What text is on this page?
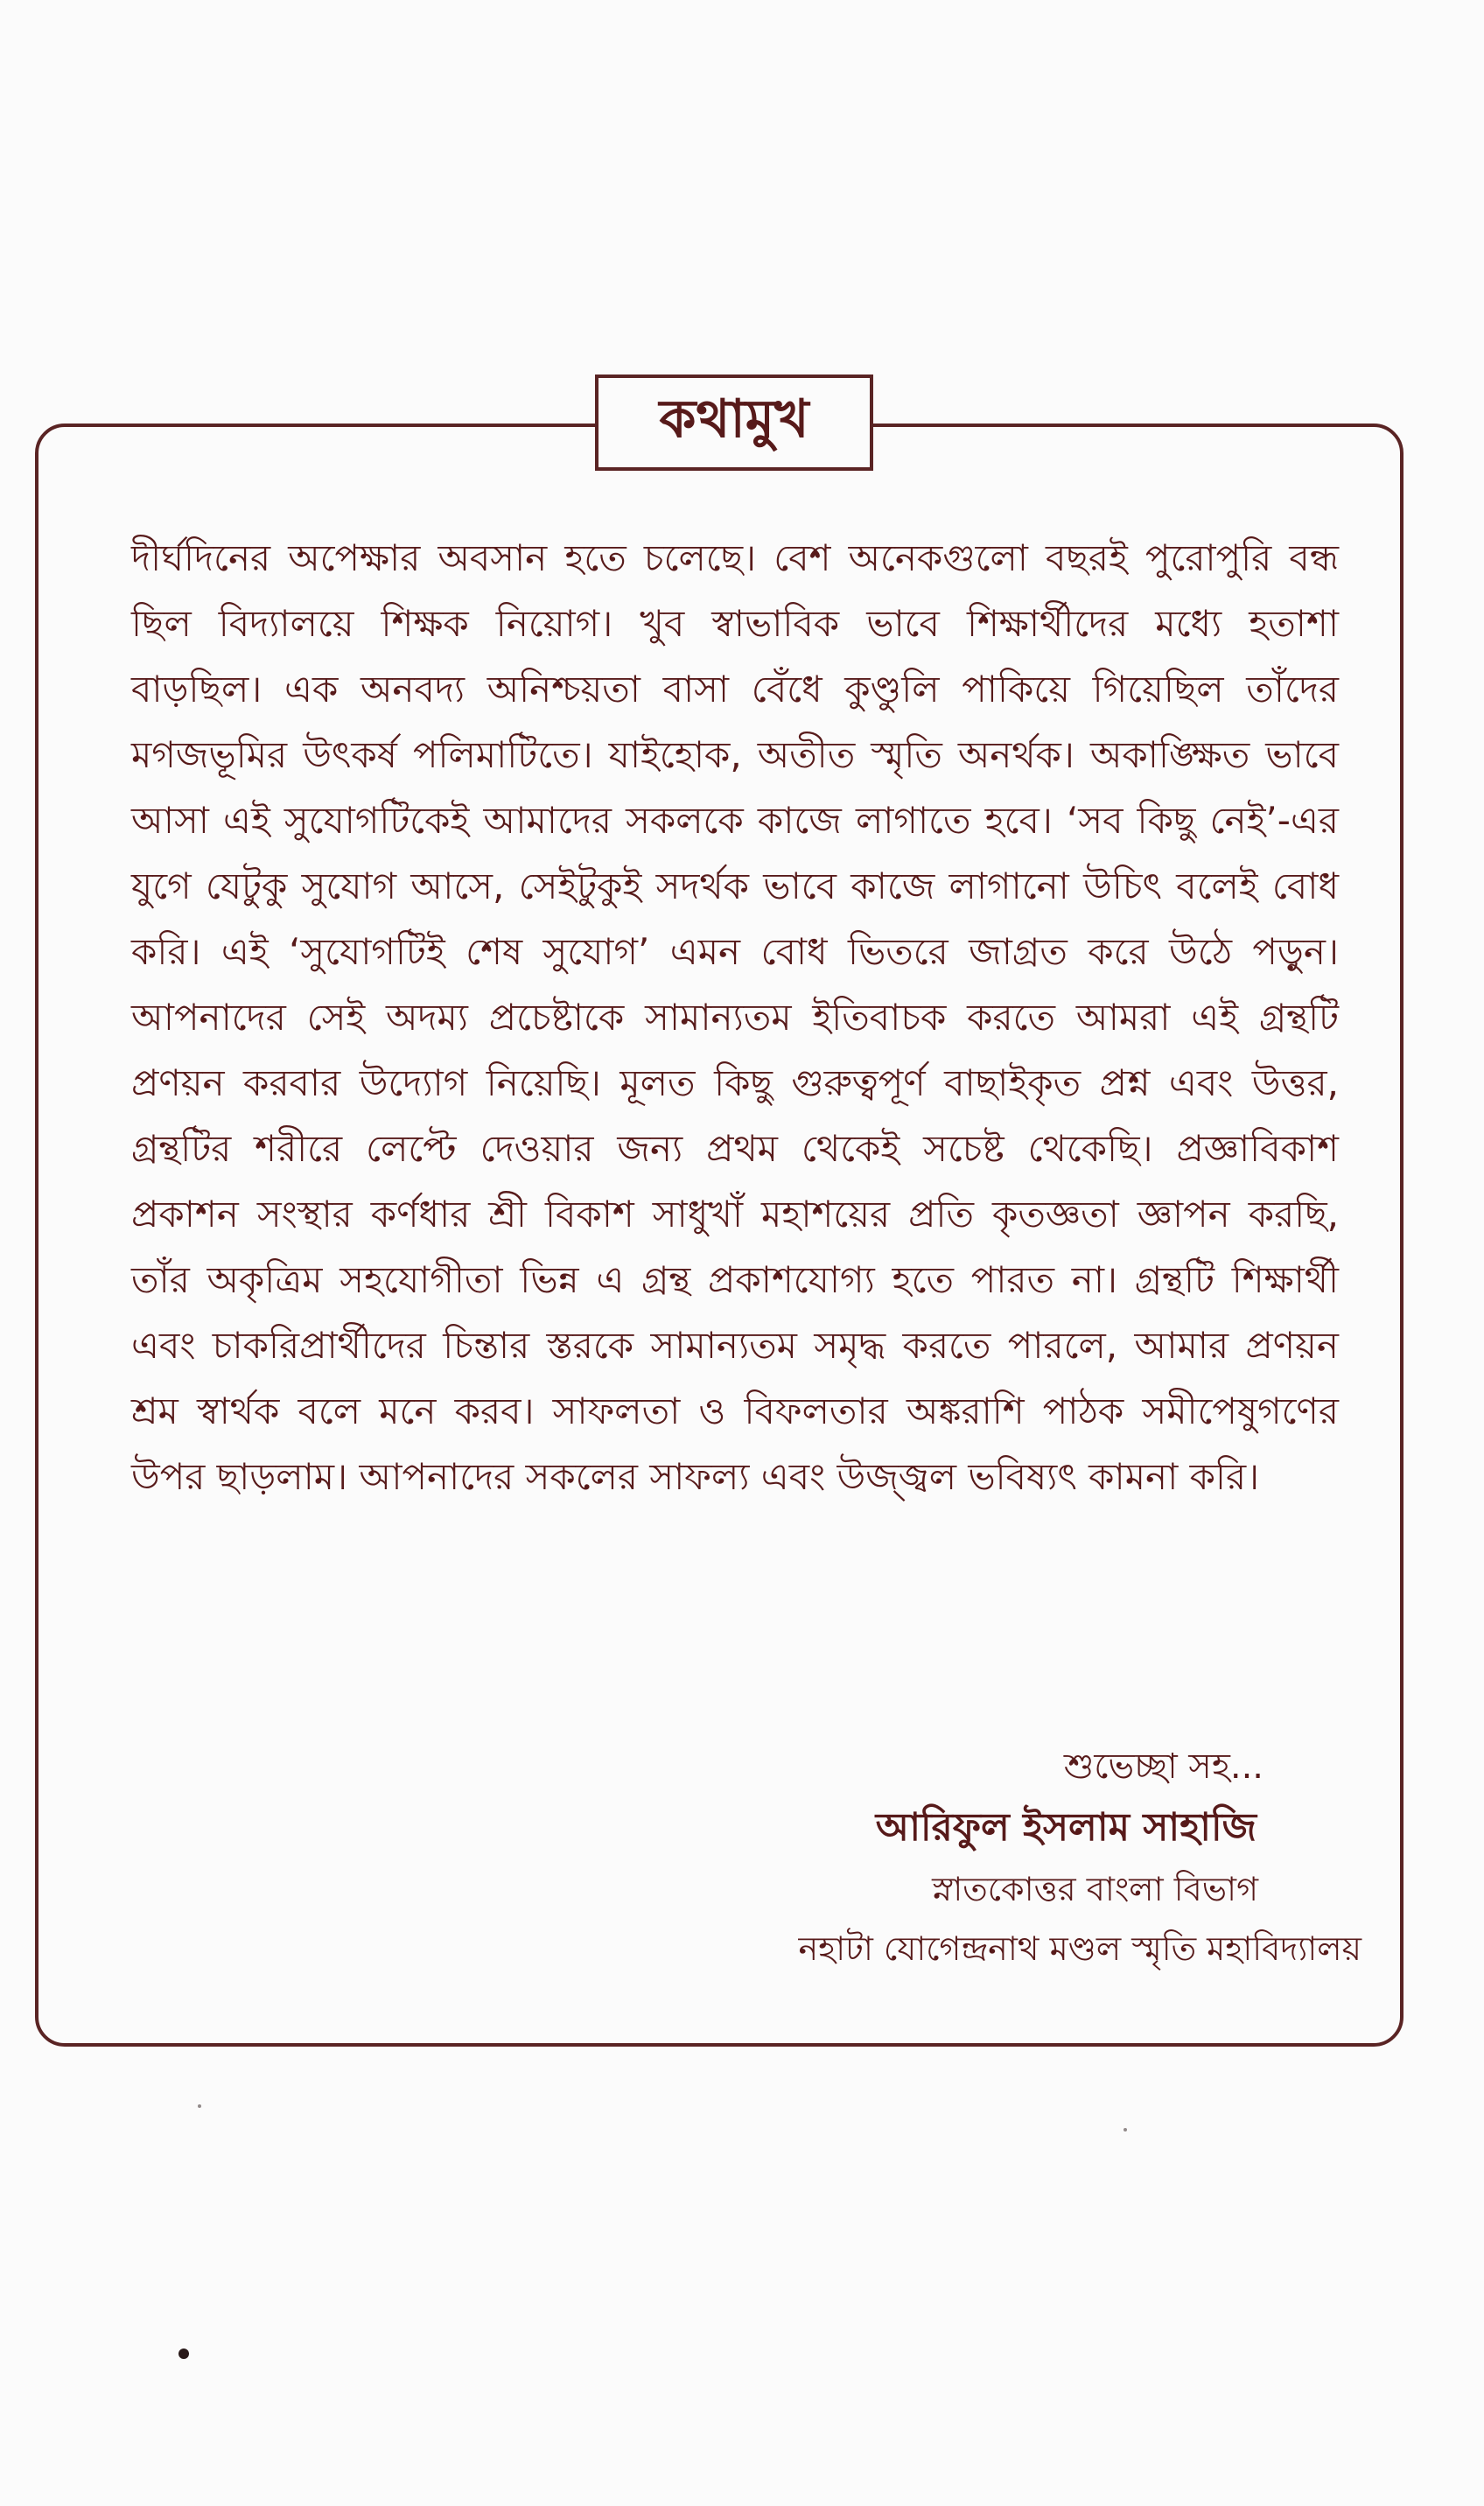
কথামুখ

দীর্ঘদিনের অপেক্ষার অবসান হতে চলেছে। বেশ অনেকগুলো বছরই পুরোপুরি বন্ধ ছিল বিদ্যালয়ে শিক্ষক নিয়োগ। খুব স্বাভাবিক ভাবে শিক্ষার্থীদের মধ্যে হতাশা বাড়ছিল। এক অনবদ্য অনিশ্চয়তা বাসা বেঁধে কুণ্ডুলি পাকিয়ে গিয়েছিল তাঁদের মগজভূমির উৎকর্ষ পলিমাটিতে। যাইহোক, অতীত স্মৃতি অনর্থক। অকাঙ্ক্ষিত ভাবে আসা এই সুযোগটিকেই আমাদের সকলকে কাজে লাগাতে হবে। ‘সব কিছু নেই’-এর যুগে যেটুকু সুযোগ আসে, সেইটুকুই সদর্থক ভাবে কাজে লাগানো উচিৎ বলেই বোধ করি। এই ‘সুযোগটিই শেষ সুযোগ’ এমন বোধ ভিতরে জাগ্রত করে উঠে পড়ুন। আপনাদের সেই অদম্য প্রচেষ্টাকে সামান্যতম ইতিবাচক করতে আমরা এই গ্রন্থটি প্রণয়ন করবার উদ্যোগ নিয়েছি। মূলত কিছু গুরুত্বপূর্ণ বাছাইকৃত প্রশ্ন এবং উত্তর, গ্রন্থটির শরীরে লেপ্টে দেওয়ার জন্য প্রথম থেকেই সচেষ্ট থেকেছি। প্রজ্ঞাবিকাশ প্রকাশন সংস্থার কর্ণধার শ্রী বিকাশ সাধুখাঁ মহাশয়ের প্রতি কৃতজ্ঞতা জ্ঞাপন করছি, তাঁর অকৃত্রিম সহযোগীতা ভিন্ন এ গ্রন্থ প্রকাশযোগ্য হতে পারত না। গ্রন্থটি শিক্ষার্থী এবং চাকরিপ্রার্থীদের চিন্তার স্তরকে সামান্যতম সমৃদ্ধ করতে পারলে, আমার প্রণয়ন শ্রম স্বার্থক বলে মনে করব। সাফলতা ও বিফলতার অঙ্করাশি পাঠক সমীপেষুগণের উপর ছাড়লাম। আপনাদের সকলের সাফল্য এবং উজ্জ্বল ভবিষ্যৎ কামনা করি।

শুভেচ্ছা সহ...
আরিফুল ইসলাম সাহাজি
স্নাতকোত্তর বাংলা বিভাগ
নহাটা যোগেন্দ্রনাথ মণ্ডল স্মৃতি মহাবিদ্যালয়
